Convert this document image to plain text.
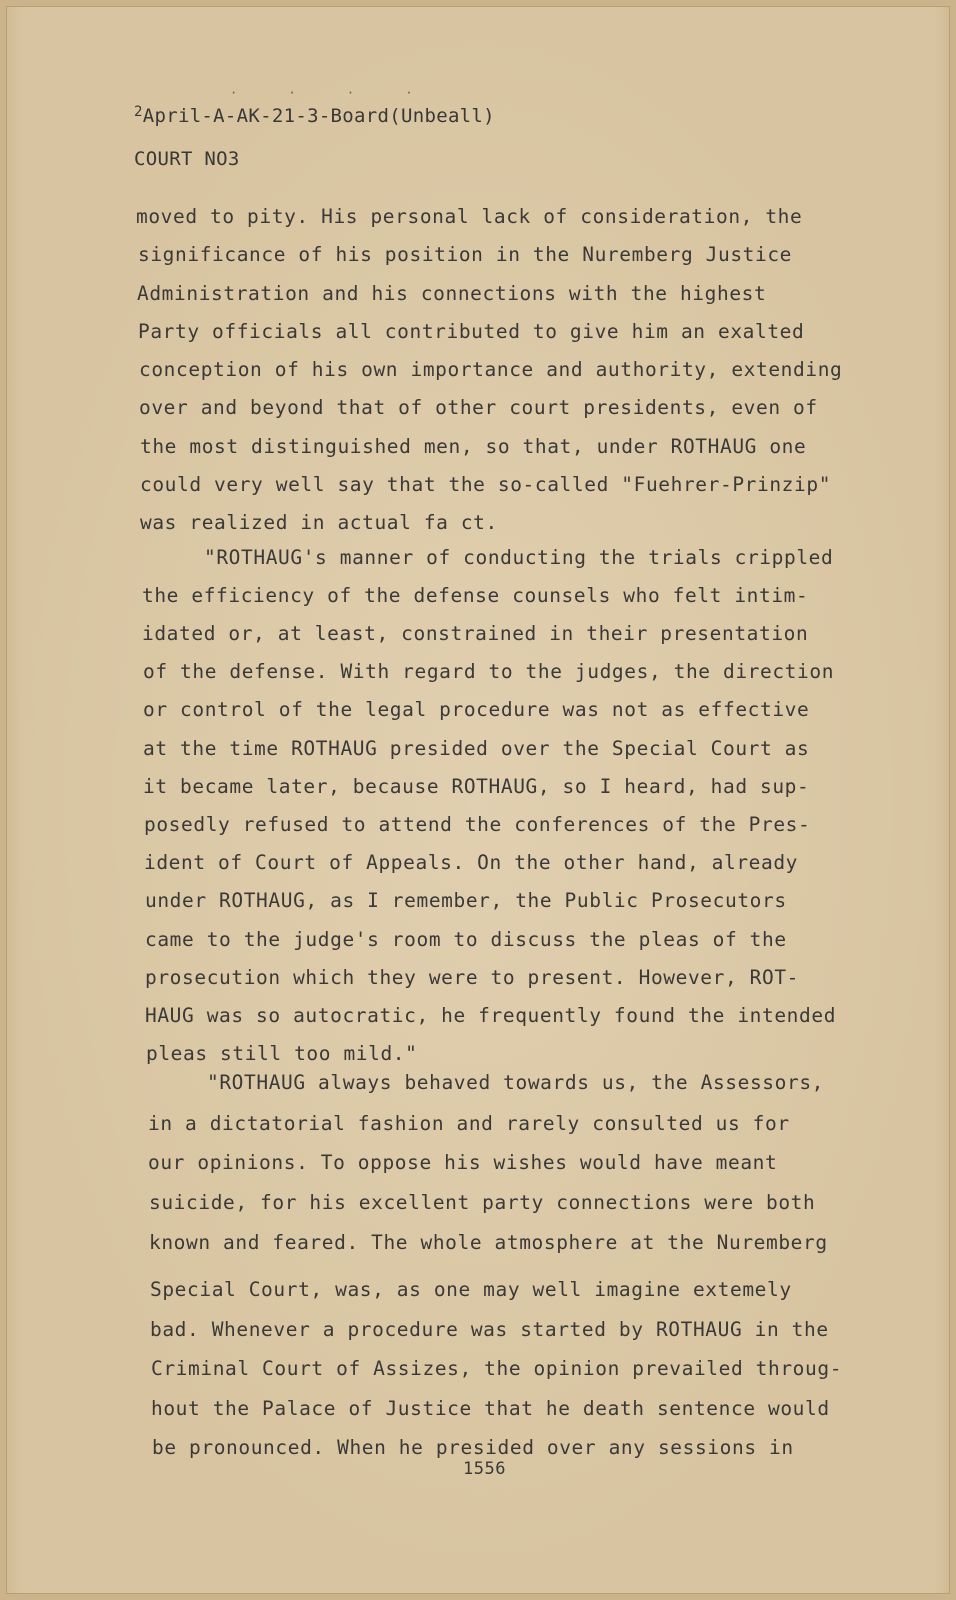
· · · ·
$^2$April-A-AK-21-3-Board(Unbeall)
COURT NO3
moved to pity. His personal lack of consideration, the
significance of his position in the Nuremberg Justice
Administration and his connections with the highest
Party officials all contributed to give him an exalted
conception of his own importance and authority, extending
over and beyond that of other court presidents, even of
the most distinguished men, so that, under ROTHAUG one
could very well say that the so-called "Fuehrer-Prinzip"
was realized in actual fa ct.
"ROTHAUG's manner of conducting the trials crippled
the efficiency of the defense counsels who felt intim-
idated or, at least, constrained in their presentation
of the defense. With regard to the judges, the direction
or control of the legal procedure was not as effective
at the time ROTHAUG presided over the Special Court as
it became later, because ROTHAUG, so I heard, had sup-
posedly refused to attend the conferences of the Pres-
ident of Court of Appeals. On the other hand, already
under ROTHAUG, as I remember, the Public Prosecutors
came to the judge's room to discuss the pleas of the
prosecution which they were to present. However, ROT-
HAUG was so autocratic, he frequently found the intended
pleas still too mild."
"ROTHAUG always behaved towards us, the Assessors,
in a dictatorial fashion and rarely consulted us for
our opinions. To oppose his wishes would have meant
suicide, for his excellent party connections were both
known and feared. The whole atmosphere at the Nuremberg
Special Court, was, as one may well imagine extemely
bad. Whenever a procedure was started by ROTHAUG in the
Criminal Court of Assizes, the opinion prevailed throug-
hout the Palace of Justice that he death sentence would
be pronounced. When he presided over any sessions in
1556
